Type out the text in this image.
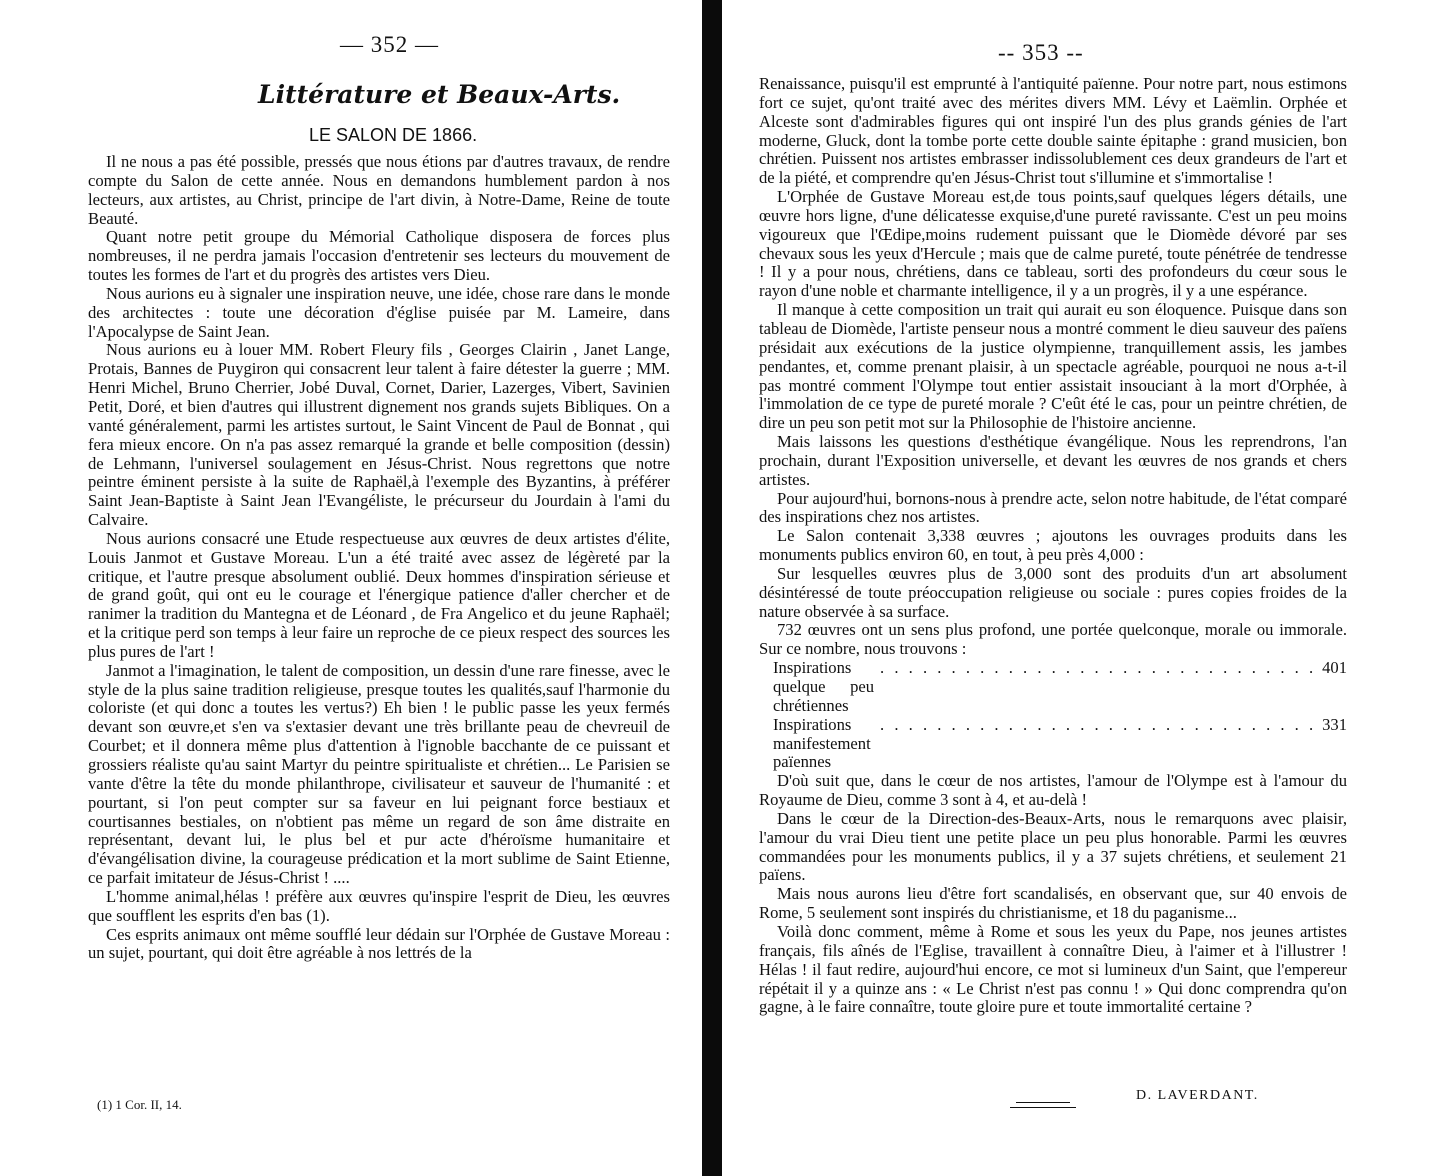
— 352 —
Littérature et Beaux-Arts.
LE SALON DE 1866.

Il ne nous a pas été possible, pressés que nous étions par d'autres travaux, de rendre compte du Salon de cette année. Nous en demandons humblement pardon à nos lecteurs, aux artistes, au Christ, principe de l'art divin, à Notre-Dame, Reine de toute Beauté.

Quant notre petit groupe du Mémorial Catholique disposera de forces plus nombreuses, il ne perdra jamais l'occasion d'entretenir ses lecteurs du mouvement de toutes les formes de l'art et du progrès des artistes vers Dieu.

Nous aurions eu à signaler une inspiration neuve, une idée, chose rare dans le monde des architectes : toute une décoration d'église puisée par M. Lameire, dans l'Apocalypse de Saint Jean.

Nous aurions eu à louer MM. Robert Fleury fils , Georges Clairin , Janet Lange, Protais, Bannes de Puygiron qui consacrent leur talent à faire détester la guerre ; MM. Henri Michel, Bruno Cherrier, Jobé Duval, Cornet, Darier, Lazerges, Vibert, Savinien Petit, Doré, et bien d'autres qui illustrent dignement nos grands sujets Bibliques. On a vanté généralement, parmi les artistes surtout, le Saint Vincent de Paul de Bonnat , qui fera mieux encore. On n'a pas assez remarqué la grande et belle composition (dessin) de Lehmann, l'universel soulagement en Jésus-Christ. Nous regrettons que notre peintre éminent persiste à la suite de Raphaël,à l'exemple des Byzantins, à préférer Saint Jean-Baptiste à Saint Jean l'Evangéliste, le précurseur du Jourdain à l'ami du Calvaire.

Nous aurions consacré une Etude respectueuse aux œuvres de deux artistes d'élite, Louis Janmot et Gustave Moreau. L'un a été traité avec assez de légèreté par la critique, et l'autre presque absolument oublié. Deux hommes d'inspiration sérieuse et de grand goût, qui ont eu le courage et l'énergique patience d'aller chercher et de ranimer la tradition du Mantegna et de Léonard , de Fra Angelico et du jeune Raphaël; et la critique perd son temps à leur faire un reproche de ce pieux respect des sources les plus pures de l'art !

Janmot a l'imagination, le talent de composition, un dessin d'une rare finesse, avec le style de la plus saine tradition religieuse, presque toutes les qualités,sauf l'harmonie du coloriste (et qui donc a toutes les vertus?) Eh bien ! le public passe les yeux fermés devant son œuvre,et s'en va s'extasier devant une très brillante peau de chevreuil de Courbet; et il donnera même plus d'attention à l'ignoble bacchante de ce puissant et grossiers réaliste qu'au saint Martyr du peintre spiritualiste et chrétien... Le Parisien se vante d'être la tête du monde philanthrope, civilisateur et sauveur de l'humanité : et pourtant, si l'on peut compter sur sa faveur en lui peignant force bestiaux et courtisannes bestiales, on n'obtient pas même un regard de son âme distraite en représentant, devant lui, le plus bel et pur acte d'héroïsme humanitaire et d'évangélisation divine, la courageuse prédication et la mort sublime de Saint Etienne, ce parfait imitateur de Jésus-Christ ! ....

L'homme animal,hélas ! préfère aux œuvres qu'inspire l'esprit de Dieu, les œuvres que soufflent les esprits d'en bas (1).

Ces esprits animaux ont même soufflé leur dédain sur l'Orphée de Gustave Moreau : un sujet, pourtant, qui doit être agréable à nos lettrés de la

(1) 1 Cor. II, 14.
-- 353 --

Renaissance, puisqu'il est emprunté à l'antiquité païenne. Pour notre part, nous estimons fort ce sujet, qu'ont traité avec des mérites divers MM. Lévy et Laëmlin. Orphée et Alceste sont d'admirables figures qui ont inspiré l'un des plus grands génies de l'art moderne, Gluck, dont la tombe porte cette double sainte épitaphe : grand musicien, bon chrétien. Puissent nos artistes embrasser indissolublement ces deux grandeurs de l'art et de la piété, et comprendre qu'en Jésus-Christ tout s'illumine et s'immortalise !

L'Orphée de Gustave Moreau est,de tous points,sauf quelques légers détails, une œuvre hors ligne, d'une délicatesse exquise,d'une pureté ravissante. C'est un peu moins vigoureux que l'Œdipe,moins rudement puissant que le Diomède dévoré par ses chevaux sous les yeux d'Hercule ; mais que de calme pureté, toute pénétrée de tendresse ! Il y a pour nous, chrétiens, dans ce tableau, sorti des profondeurs du cœur sous le rayon d'une noble et charmante intelligence, il y a un progrès, il y a une espérance.

Il manque à cette composition un trait qui aurait eu son éloquence. Puisque dans son tableau de Diomède, l'artiste penseur nous a montré comment le dieu sauveur des païens présidait aux exécutions de la justice olympienne, tranquillement assis, les jambes pendantes, et, comme prenant plaisir, à un spectacle agréable, pourquoi ne nous a-t-il pas montré comment l'Olympe tout entier assistait insouciant à la mort d'Orphée, à l'immolation de ce type de pureté morale ? C'eût été le cas, pour un peintre chrétien, de dire un peu son petit mot sur la Philosophie de l'histoire ancienne.

Mais laissons les questions d'esthétique évangélique. Nous les reprendrons, l'an prochain, durant l'Exposition universelle, et devant les œuvres de nos grands et chers artistes.

Pour aujourd'hui, bornons-nous à prendre acte, selon notre habitude, de l'état comparé des inspirations chez nos artistes.

Le Salon contenait 3,338 œuvres ; ajoutons les ouvrages produits dans les monuments publics environ 60, en tout, à peu près 4,000 :

Sur lesquelles œuvres plus de 3,000 sont des produits d'un art absolument désintéressé de toute préoccupation religieuse ou sociale : pures copies froides de la nature observée à sa surface.

732 œuvres ont un sens plus profond, une portée quelconque, morale ou immorale. Sur ce nombre, nous trouvons :

Inspirations quelque peu chrétiennes
. . . . . . . . . . . . . . . . . . . . . . . . . . . . . . . 401
Inspirations manifestement païennes
. . . . . . . . . . . . . . . . . . . . . . . . . . . . . . . 331

D'où suit que, dans le cœur de nos artistes, l'amour de l'Olympe est à l'amour du Royaume de Dieu, comme 3 sont à 4, et au-delà !

Dans le cœur de la Direction-des-Beaux-Arts, nous le remarquons avec plaisir, l'amour du vrai Dieu tient une petite place un peu plus honorable. Parmi les œuvres commandées pour les monuments publics, il y a 37 sujets chrétiens, et seulement 21 païens.

Mais nous aurons lieu d'être fort scandalisés, en observant que, sur 40 envois de Rome, 5 seulement sont inspirés du christianisme, et 18 du paganisme...

Voilà donc comment, même à Rome et sous les yeux du Pape, nos jeunes artistes français, fils aînés de l'Eglise, travaillent à connaître Dieu, à l'aimer et à l'illustrer ! Hélas ! il faut redire, aujourd'hui encore, ce mot si lumineux d'un Saint, que l'empereur répétait il y a quinze ans : « Le Christ n'est pas connu ! » Qui donc comprendra qu'on gagne, à le faire connaître, toute gloire pure et toute immortalité certaine ?

D. LAVERDANT.
